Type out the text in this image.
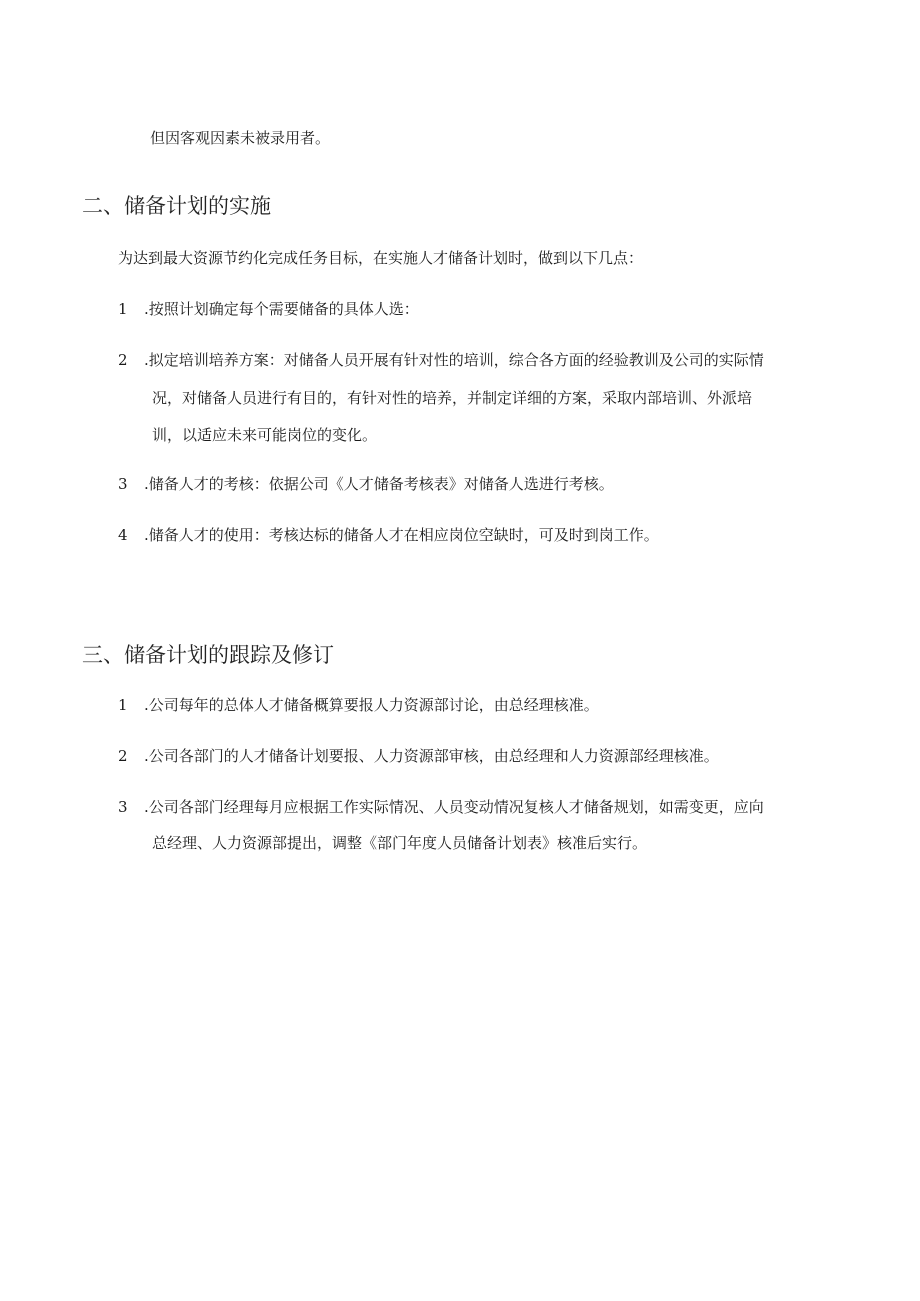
但因客观因素未被录用者。
二、储备计划的实施
为达到最大资源节约化完成任务目标，在实施人才储备计划时，做到以下几点：
1 .按照计划确定每个需要储备的具体人选：
2 .拟定培训培养方案：对储备人员开展有针对性的培训，综合各方面的经验教训及公司的实际情
况，对储备人员进行有目的，有针对性的培养，并制定详细的方案，采取内部培训、外派培
训，以适应未来可能岗位的变化。
3 .储备人才的考核：依据公司《人才储备考核表》对储备人选进行考核。
4 .储备人才的使用：考核达标的储备人才在相应岗位空缺时，可及时到岗工作。
三、储备计划的跟踪及修订
1 .公司每年的总体人才储备概算要报人力资源部讨论，由总经理核准。
2 .公司各部门的人才储备计划要报、人力资源部审核，由总经理和人力资源部经理核准。
3 .公司各部门经理每月应根据工作实际情况、人员变动情况复核人才储备规划，如需变更，应向
总经理、人力资源部提出，调整《部门年度人员储备计划表》核准后实行。
